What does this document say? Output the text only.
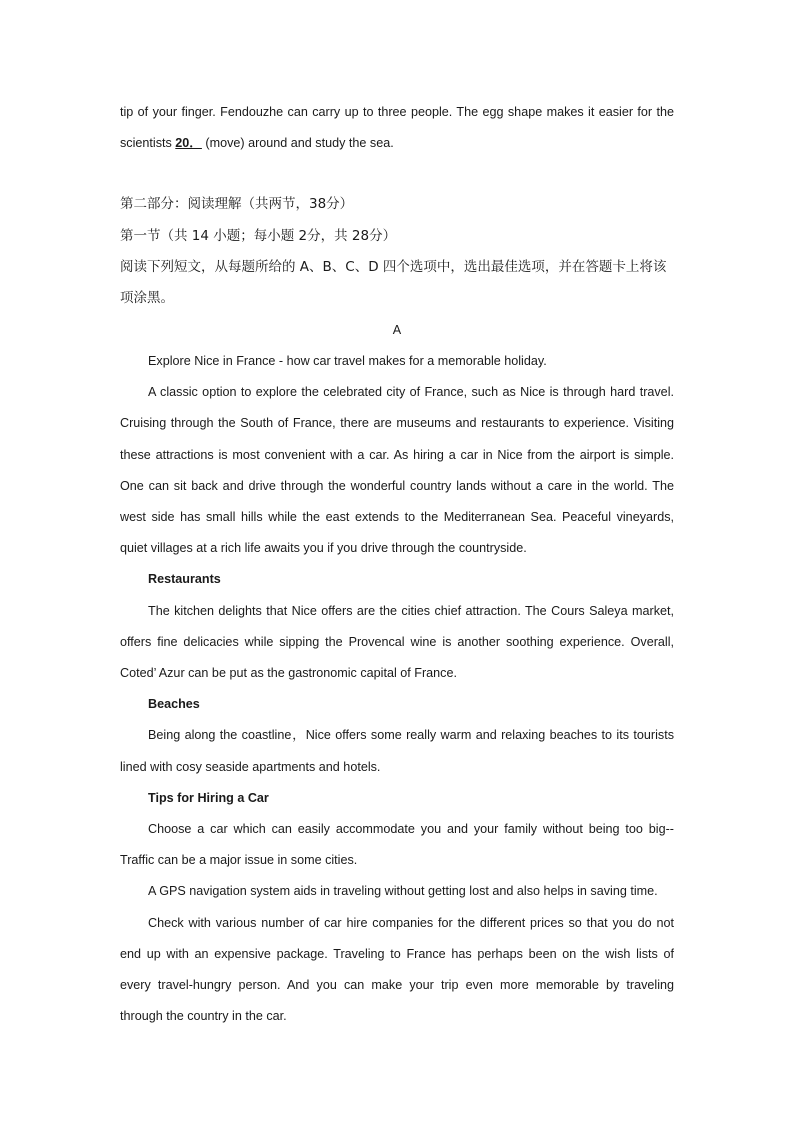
tip of your finger. Fendouzhe can carry up to three people. The egg shape makes it easier for the
scientists 20． (move) around and study the sea.
第二部分：阅读理解（共两节，38分）
第一节（共 14 小题；每小题 2分，共 28分）
阅读下列短文，从每题所给的 A、B、C、D 四个选项中，选出最佳选项，并在答题卡上将该
项涂黑。
A
Explore Nice in France - how car travel makes for a memorable holiday.
A classic option to explore the celebrated city of France, such as Nice is through hard travel.
Cruising through the South of France, there are museums and restaurants to experience. Visiting
these attractions is most convenient with a car. As hiring a car in Nice from the airport is simple.
One can sit back and drive through the wonderful country lands without a care in the world. The
west side has small hills while the east extends to the Mediterranean Sea. Peaceful vineyards,
quiet villages at a rich life awaits you if you drive through the countryside.
Restaurants
The kitchen delights that Nice offers are the cities chief attraction. The Cours Saleya market,
offers fine delicacies while sipping the Provencal wine is another soothing experience. Overall,
Coted’ Azur can be put as the gastronomic capital of France.
Beaches
Being along the coastline，Nice offers some really warm and relaxing beaches to its tourists
lined with cosy seaside apartments and hotels.
Tips for Hiring a Car
Choose a car which can easily accommodate you and your family without being too big--
Traffic can be a major issue in some cities.
A GPS navigation system aids in traveling without getting lost and also helps in saving time.
Check with various number of car hire companies for the different prices so that you do not
end up with an expensive package. Traveling to France has perhaps been on the wish lists of
every travel-hungry person. And you can make your trip even more memorable by traveling
through the country in the car.
